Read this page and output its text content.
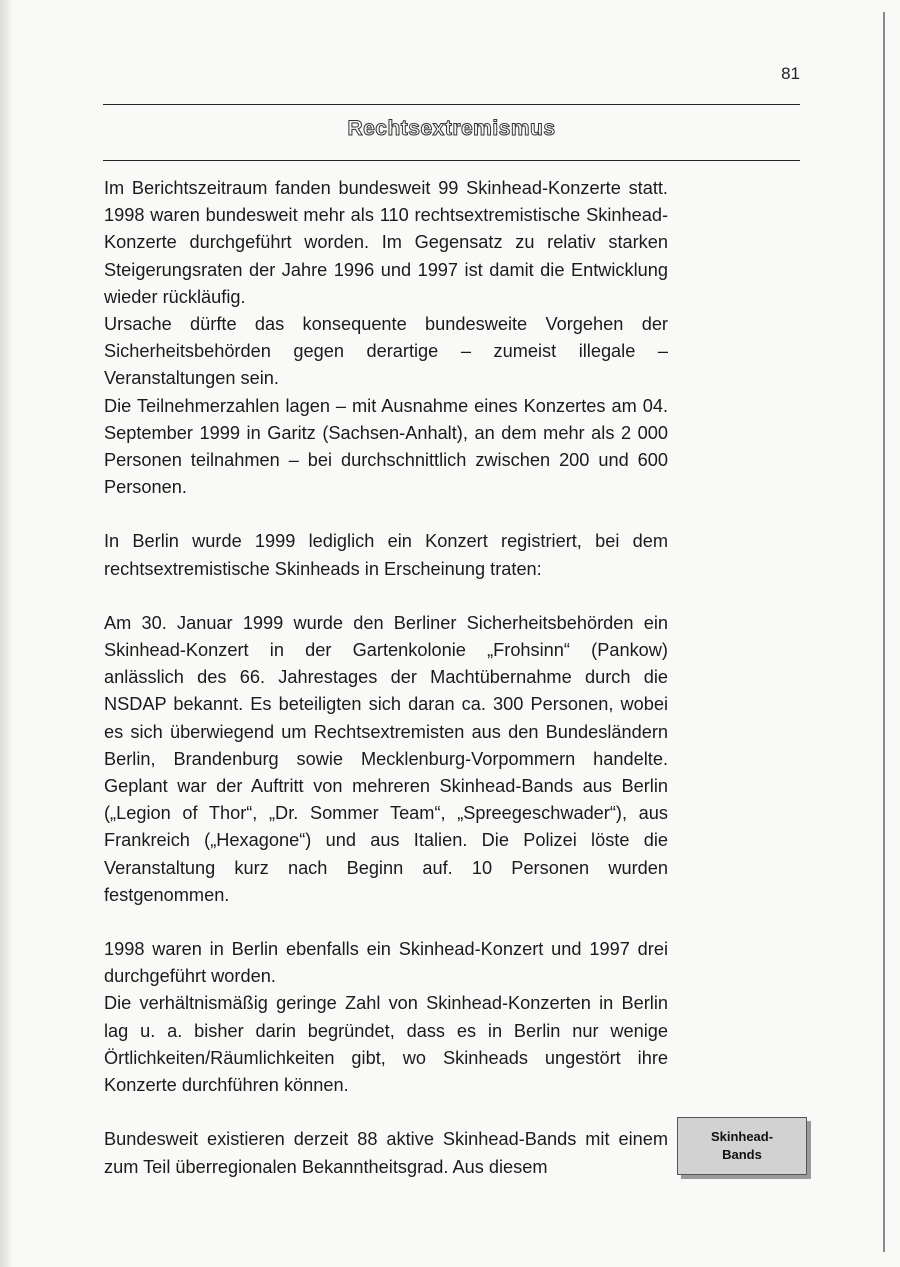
81
Rechtsextremismus

Im Berichtszeitraum fanden bundesweit 99 Skinhead-Konzerte statt. 1998 waren bundesweit mehr als 110 rechtsextremistische Skinhead-Konzerte durchgeführt worden. Im Gegensatz zu relativ starken Steigerungsraten der Jahre 1996 und 1997 ist damit die Entwicklung wieder rückläufig.

Ursache dürfte das konsequente bundesweite Vorgehen der Sicherheitsbehörden gegen derartige – zumeist illegale – Veranstaltungen sein.

Die Teilnehmerzahlen lagen – mit Ausnahme eines Konzertes am 04. September 1999 in Garitz (Sachsen-Anhalt), an dem mehr als 2 000 Personen teilnahmen – bei durchschnittlich zwischen 200 und 600 Personen.

In Berlin wurde 1999 lediglich ein Konzert registriert, bei dem rechtsextremistische Skinheads in Erscheinung traten:

Am 30. Januar 1999 wurde den Berliner Sicherheitsbehörden ein Skinhead-Konzert in der Gartenkolonie „Frohsinn“ (Pankow) anlässlich des 66. Jahrestages der Machtübernahme durch die NSDAP bekannt. Es beteiligten sich daran ca. 300 Personen, wobei es sich überwiegend um Rechtsextremisten aus den Bundesländern Berlin, Brandenburg sowie Mecklenburg-Vorpommern handelte. Geplant war der Auftritt von mehreren Skinhead-Bands aus Berlin („Legion of Thor“, „Dr. Sommer Team“, „Spreegeschwader“), aus Frankreich („Hexagone“) und aus Italien. Die Polizei löste die Veranstaltung kurz nach Beginn auf. 10 Personen wurden festgenommen.

1998 waren in Berlin ebenfalls ein Skinhead-Konzert und 1997 drei durchgeführt worden.

Die verhältnismäßig geringe Zahl von Skinhead-Konzerten in Berlin lag u. a. bisher darin begründet, dass es in Berlin nur wenige Örtlichkeiten/Räumlichkeiten gibt, wo Skinheads ungestört ihre Konzerte durchführen können.

Bundesweit existieren derzeit 88 aktive Skinhead-Bands mit einem zum Teil überregionalen Bekanntheitsgrad. Aus diesem

Skinhead-
Bands
